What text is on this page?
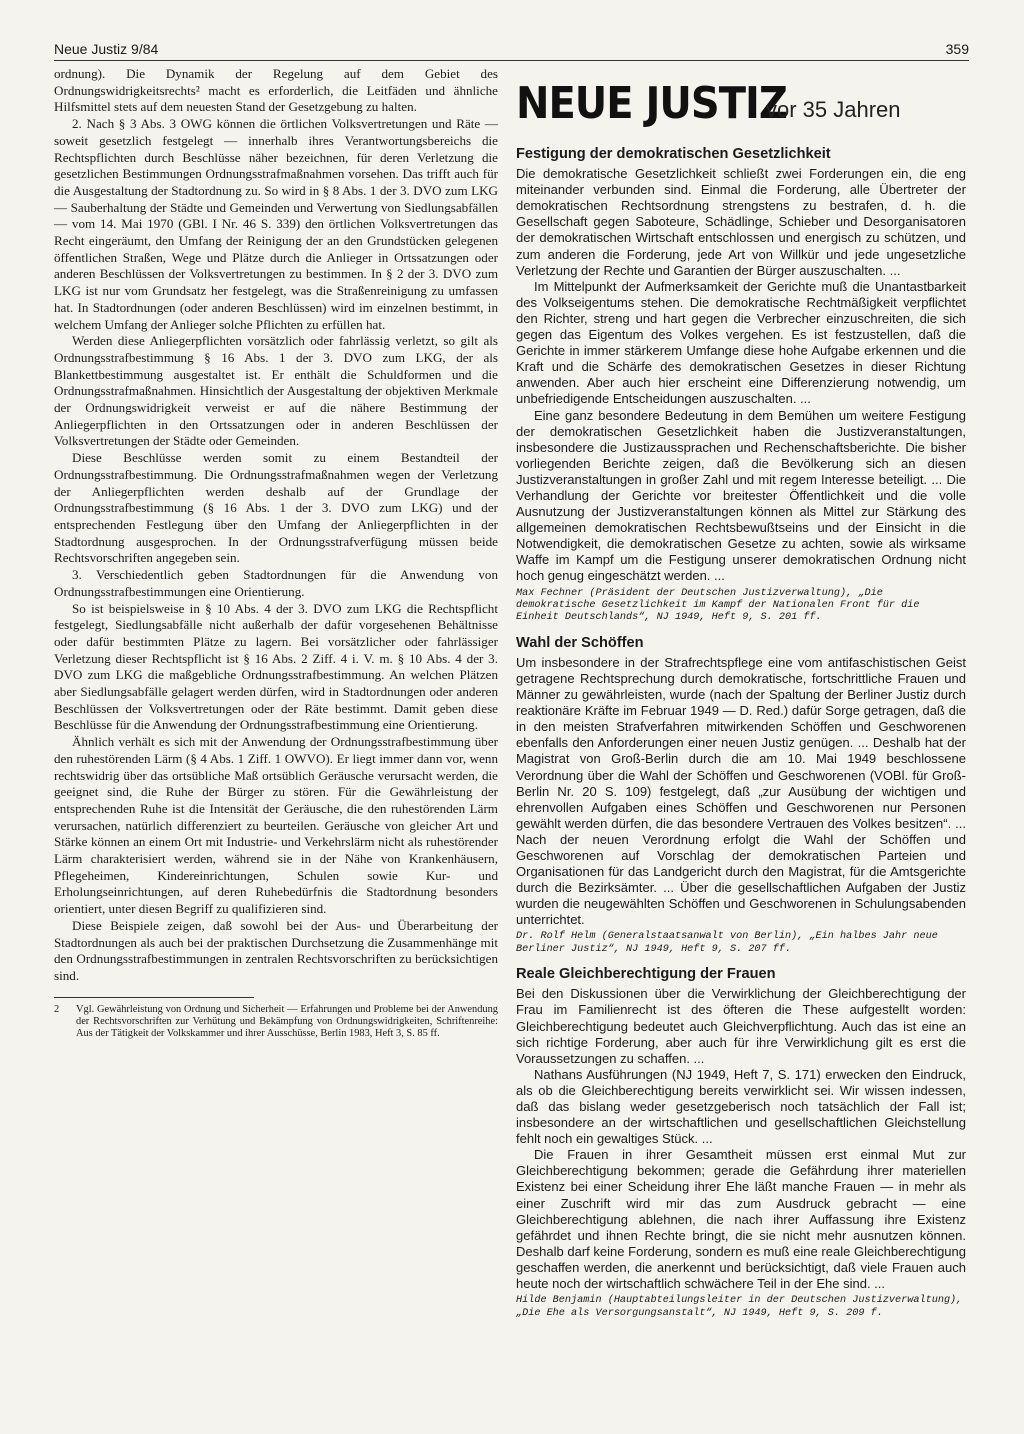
Neue Justiz 9/84	359

ordnung). Die Dynamik der Regelung auf dem Gebiet des Ordnungswidrigkeitsrechts² macht es erforderlich, die Leitfäden und ähnliche Hilfsmittel stets auf dem neuesten Stand der Gesetzgebung zu halten.

2. Nach § 3 Abs. 3 OWG können die örtlichen Volksvertretungen und Räte — soweit gesetzlich festgelegt — innerhalb ihres Verantwortungsbereichs die Rechtspflichten durch Beschlüsse näher bezeichnen, für deren Verletzung die gesetzlichen Bestimmungen Ordnungsstrafmaßnahmen vorsehen. Das trifft auch für die Ausgestaltung der Stadtordnung zu. So wird in § 8 Abs. 1 der 3. DVO zum LKG — Sauberhaltung der Städte und Gemeinden und Verwertung von Siedlungsabfällen — vom 14. Mai 1970 (GBl. I Nr. 46 S. 339) den örtlichen Volksvertretungen das Recht eingeräumt, den Umfang der Reinigung der an den Grundstücken gelegenen öffentlichen Straßen, Wege und Plätze durch die Anlieger in Ortssatzungen oder anderen Beschlüssen der Volksvertretungen zu bestimmen. In § 2 der 3. DVO zum LKG ist nur vom Grundsatz her festgelegt, was die Straßenreinigung zu umfassen hat. In Stadtordnungen (oder anderen Beschlüssen) wird im einzelnen bestimmt, in welchem Umfang der Anlieger solche Pflichten zu erfüllen hat.

Werden diese Anliegerpflichten vorsätzlich oder fahrlässig verletzt, so gilt als Ordnungsstrafbestimmung § 16 Abs. 1 der 3. DVO zum LKG, der als Blankettbestimmung ausgestaltet ist. Er enthält die Schuldformen und die Ordnungsstrafmaßnahmen. Hinsichtlich der Ausgestaltung der objektiven Merkmale der Ordnungswidrigkeit verweist er auf die nähere Bestimmung der Anliegerpflichten in den Ortssatzungen oder in anderen Beschlüssen der Volksvertretungen der Städte oder Gemeinden.

Diese Beschlüsse werden somit zu einem Bestandteil der Ordnungsstrafbestimmung. Die Ordnungsstrafmaßnahmen wegen der Verletzung der Anliegerpflichten werden deshalb auf der Grundlage der Ordnungsstrafbestimmung (§ 16 Abs. 1 der 3. DVO zum LKG) und der entsprechenden Festlegung über den Umfang der Anliegerpflichten in der Stadtordnung ausgesprochen. In der Ordnungsstrafverfügung müssen beide Rechtsvorschriften angegeben sein.

3. Verschiedentlich geben Stadtordnungen für die Anwendung von Ordnungsstrafbestimmungen eine Orientierung.

So ist beispielsweise in § 10 Abs. 4 der 3. DVO zum LKG die Rechtspflicht festgelegt, Siedlungsabfälle nicht außerhalb der dafür vorgesehenen Behältnisse oder dafür bestimmten Plätze zu lagern. Bei vorsätzlicher oder fahrlässiger Verletzung dieser Rechtspflicht ist § 16 Abs. 2 Ziff. 4 i. V. m. § 10 Abs. 4 der 3. DVO zum LKG die maßgebliche Ordnungsstrafbestimmung. An welchen Plätzen aber Siedlungsabfälle gelagert werden dürfen, wird in Stadtordnungen oder anderen Beschlüssen der Volksvertretungen oder der Räte bestimmt. Damit geben diese Beschlüsse für die Anwendung der Ordnungsstrafbestimmung eine Orientierung.

Ähnlich verhält es sich mit der Anwendung der Ordnungsstrafbestimmung über den ruhestörenden Lärm (§ 4 Abs. 1 Ziff. 1 OWVO). Er liegt immer dann vor, wenn rechtswidrig über das ortsübliche Maß ortsüblich Geräusche verursacht werden, die geeignet sind, die Ruhe der Bürger zu stören. Für die Gewährleistung der entsprechenden Ruhe ist die Intensität der Geräusche, die den ruhestörenden Lärm verursachen, natürlich differenziert zu beurteilen. Geräusche von gleicher Art und Stärke können an einem Ort mit Industrie- und Verkehrslärm nicht als ruhestörender Lärm charakterisiert werden, während sie in der Nähe von Krankenhäusern, Pflegeheimen, Kindereinrichtungen, Schulen sowie Kur- und Erholungseinrichtungen, auf deren Ruhebedürfnis die Stadtordnung besonders orientiert, unter diesen Begriff zu qualifizieren sind.

Diese Beispiele zeigen, daß sowohl bei der Aus- und Überarbeitung der Stadtordnungen als auch bei der praktischen Durchsetzung die Zusammenhänge mit den Ordnungsstrafbestimmungen in zentralen Rechtsvorschriften zu berücksichtigen sind.

2 Vgl. Gewährleistung von Ordnung und Sicherheit — Erfahrungen und Probleme bei der Anwendung der Rechtsvorschriften zur Verhütung und Bekämpfung von Ordnungswidrigkeiten, Schriftenreihe: Aus der Tätigkeit der Volkskammer und ihrer Ausschüsse, Berlin 1983, Heft 3, S. 85 ff.

NEUE JUSTIZ
vor 35 Jahren
Festigung der demokratischen Gesetzlichkeit

Die demokratische Gesetzlichkeit schließt zwei Forderungen ein, die eng miteinander verbunden sind. Einmal die Forderung, alle Übertreter der demokratischen Rechtsordnung strengstens zu bestrafen, d. h. die Gesellschaft gegen Saboteure, Schädlinge, Schieber und Desorganisatoren der demokratischen Wirtschaft entschlossen und energisch zu schützen, und zum anderen die Forderung, jede Art von Willkür und jede ungesetzliche Verletzung der Rechte und Garantien der Bürger auszuschalten. ...

Im Mittelpunkt der Aufmerksamkeit der Gerichte muß die Unantastbarkeit des Volkseigentums stehen. Die demokratische Rechtmäßigkeit verpflichtet den Richter, streng und hart gegen die Verbrecher einzuschreiten, die sich gegen das Eigentum des Volkes vergehen. Es ist festzustellen, daß die Gerichte in immer stärkerem Umfange diese hohe Aufgabe erkennen und die Kraft und die Schärfe des demokratischen Gesetzes in dieser Richtung anwenden. Aber auch hier erscheint eine Differenzierung notwendig, um unbefriedigende Entscheidungen auszuschalten. ...

Eine ganz besondere Bedeutung in dem Bemühen um weitere Festigung der demokratischen Gesetzlichkeit haben die Justizveranstaltungen, insbesondere die Justizaussprachen und Rechenschaftsberichte. Die bisher vorliegenden Berichte zeigen, daß die Bevölkerung sich an diesen Justizveranstaltungen in großer Zahl und mit regem Interesse beteiligt. ... Die Verhandlung der Gerichte vor breitester Öffentlichkeit und die volle Ausnutzung der Justizveranstaltungen können als Mittel zur Stärkung des allgemeinen demokratischen Rechtsbewußtseins und der Einsicht in die Notwendigkeit, die demokratischen Gesetze zu achten, sowie als wirksame Waffe im Kampf um die Festigung unserer demokratischen Ordnung nicht hoch genug eingeschätzt werden. ...

Max Fechner (Präsident der Deutschen Justizverwaltung), „Die demokratische Gesetzlichkeit im Kampf der Nationalen Front für die Einheit Deutschlands“, NJ 1949, Heft 9, S. 201 ff.

Wahl der Schöffen

Um insbesondere in der Strafrechtspflege eine vom antifaschistischen Geist getragene Rechtsprechung durch demokratische, fortschrittliche Frauen und Männer zu gewährleisten, wurde (nach der Spaltung der Berliner Justiz durch reaktionäre Kräfte im Februar 1949 — D. Red.) dafür Sorge getragen, daß die in den meisten Strafverfahren mitwirkenden Schöffen und Geschworenen ebenfalls den Anforderungen einer neuen Justiz genügen. ... Deshalb hat der Magistrat von Groß-Berlin durch die am 10. Mai 1949 beschlossene Verordnung über die Wahl der Schöffen und Geschworenen (VOBl. für Groß-Berlin Nr. 20 S. 109) festgelegt, daß „zur Ausübung der wichtigen und ehrenvollen Aufgaben eines Schöffen und Geschworenen nur Personen gewählt werden dürfen, die das besondere Vertrauen des Volkes besitzen“. ... Nach der neuen Verordnung erfolgt die Wahl der Schöffen und Geschworenen auf Vorschlag der demokratischen Parteien und Organisationen für das Landgericht durch den Magistrat, für die Amtsgerichte durch die Bezirksämter. ... Über die gesellschaftlichen Aufgaben der Justiz wurden die neugewählten Schöffen und Geschworenen in Schulungsabenden unterrichtet.

Dr. Rolf Helm (Generalstaatsanwalt von Berlin), „Ein halbes Jahr neue Berliner Justiz“, NJ 1949, Heft 9, S. 207 ff.

Reale Gleichberechtigung der Frauen

Bei den Diskussionen über die Verwirklichung der Gleichberechtigung der Frau im Familienrecht ist des öfteren die These aufgestellt worden: Gleichberechtigung bedeutet auch Gleichverpflichtung. Auch das ist eine an sich richtige Forderung, aber auch für ihre Verwirklichung gilt es erst die Voraussetzungen zu schaffen. ...

Nathans Ausführungen (NJ 1949, Heft 7, S. 171) erwecken den Eindruck, als ob die Gleichberechtigung bereits verwirklicht sei. Wir wissen indessen, daß das bislang weder gesetzgeberisch noch tatsächlich der Fall ist; insbesondere an der wirtschaftlichen und gesellschaftlichen Gleichstellung fehlt noch ein gewaltiges Stück. ...

Die Frauen in ihrer Gesamtheit müssen erst einmal Mut zur Gleichberechtigung bekommen; gerade die Gefährdung ihrer materiellen Existenz bei einer Scheidung ihrer Ehe läßt manche Frauen — in mehr als einer Zuschrift wird mir das zum Ausdruck gebracht — eine Gleichberechtigung ablehnen, die nach ihrer Auffassung ihre Existenz gefährdet und ihnen Rechte bringt, die sie nicht mehr ausnutzen können. Deshalb darf keine Forderung, sondern es muß eine reale Gleichberechtigung geschaffen werden, die anerkennt und berücksichtigt, daß viele Frauen auch heute noch der wirtschaftlich schwächere Teil in der Ehe sind. ...

Hilde Benjamin (Hauptabteilungsleiter in der Deutschen Justizverwaltung), „Die Ehe als Versorgungsanstalt“, NJ 1949, Heft 9, S. 209 f.
